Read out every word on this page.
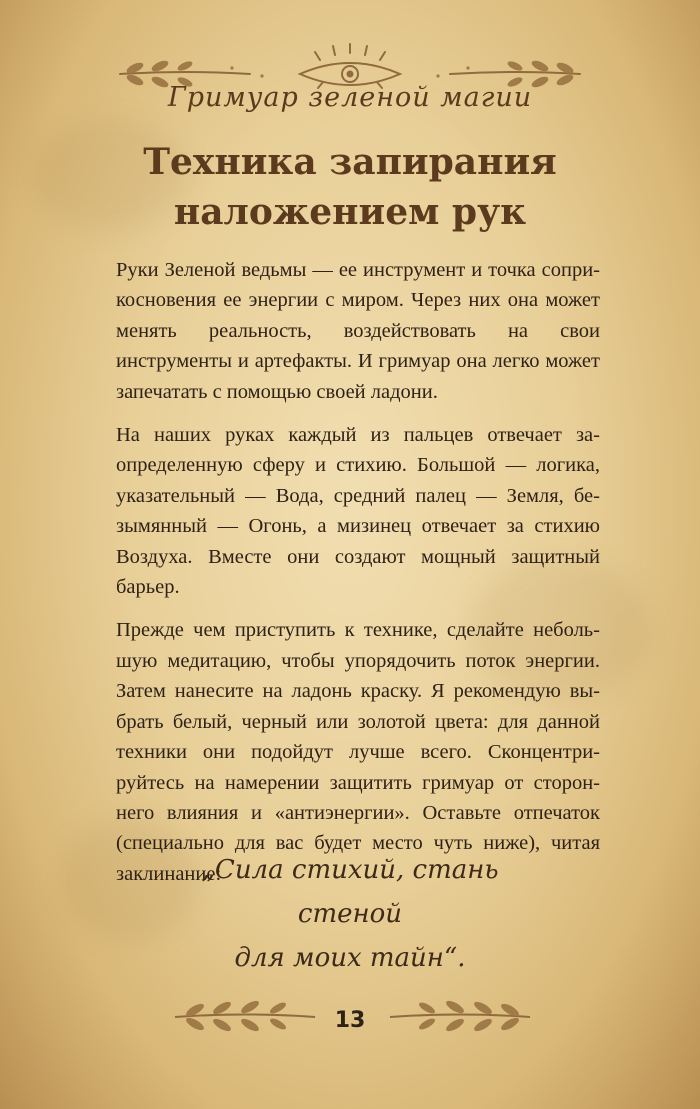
Гримуар зеленой магии
Техника запирания
наложением рук

Руки Зеленой ведьмы — ее инструмент и точка соприкосновения ее энергии с миром. Через них она может менять реальность, воздействовать на свои инструменты и артефакты. И гримуар она легко может запечатать с помощью своей ладони.

На наших руках каждый из пальцев отвечает заопределенную сферу и стихию. Большой — логика, указательный — Вода, средний палец — Земля, безымянный — Огонь, а мизинец отвечает за стихию Воздуха. Вместе они создают мощный защитный барьер.

Прежде чем приступить к технике, сделайте небольшую медитацию, чтобы упорядочить поток энергии. Затем нанесите на ладонь краску. Я рекомендую выбрать белый, черный или золотой цвета: для данной техники они подойдут лучше всего. Сконцентрируйтесь на намерении защитить гримуар от стороннего влияния и «антиэнергии». Оставьте отпечаток (специально для вас будет место чуть ниже), читая заклинание:

„Сила стихий, стань стеной
для моих тайн“.
13
